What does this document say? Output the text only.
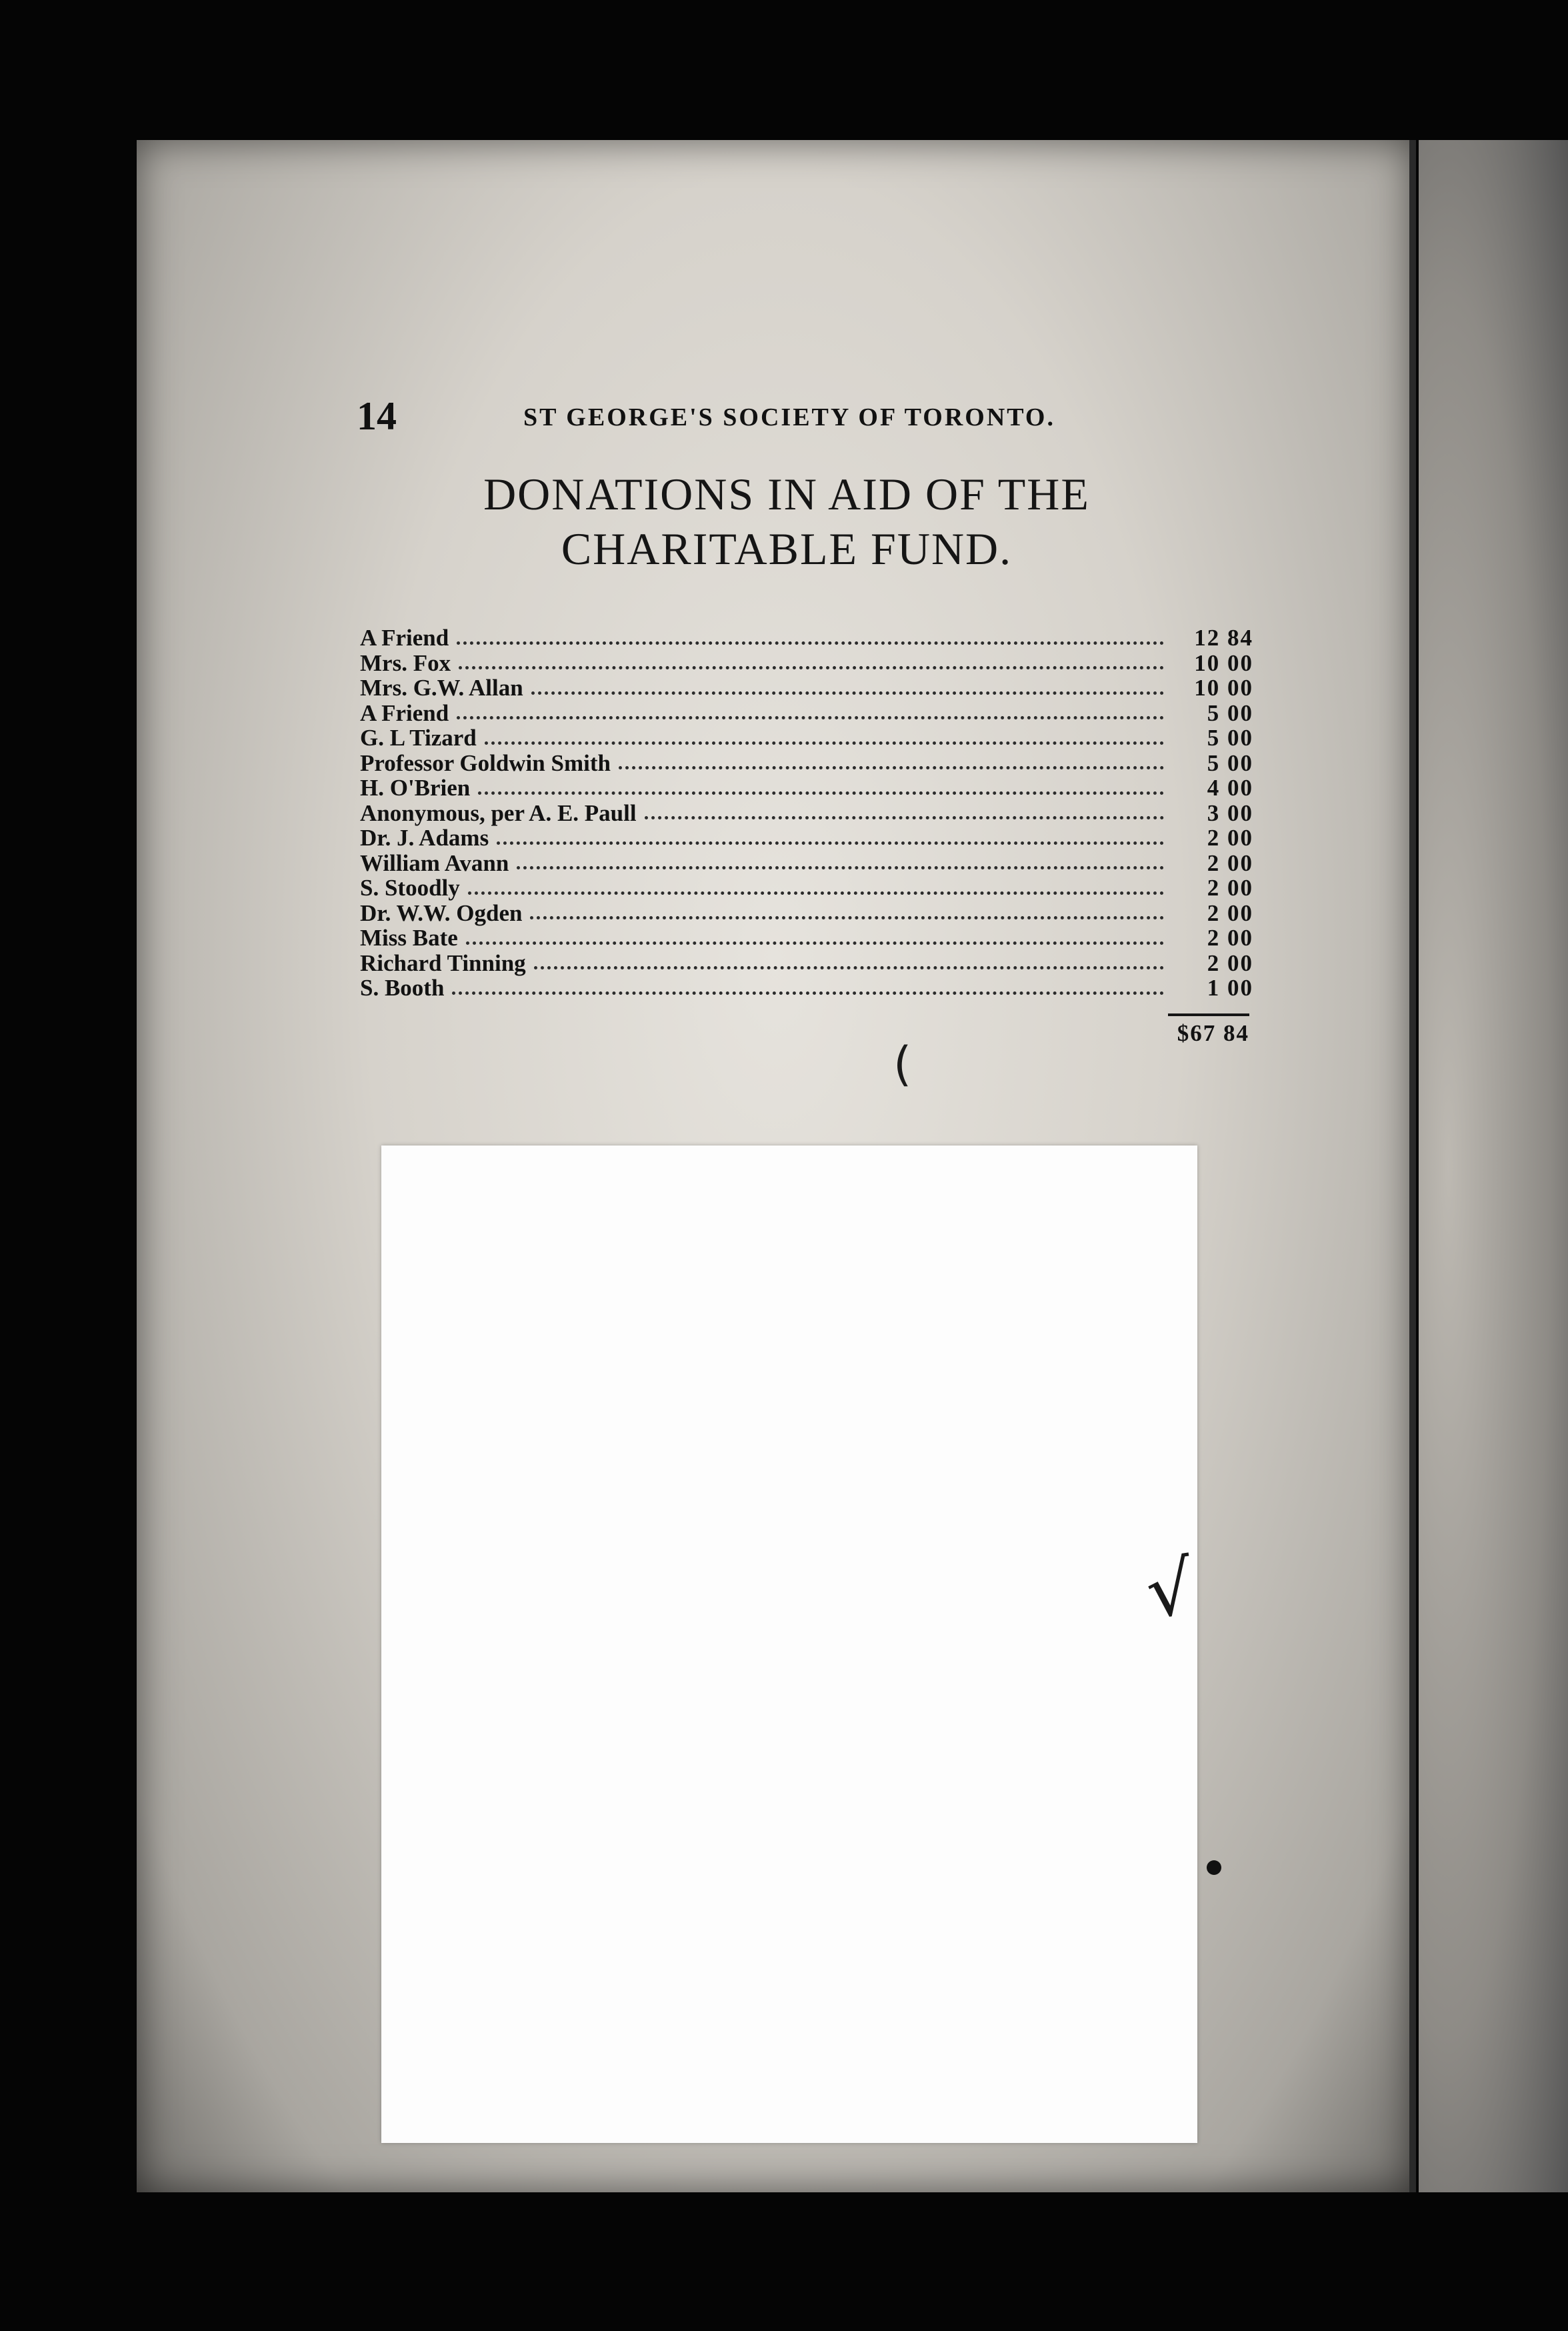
14	ST GEORGE'S SOCIETY OF TORONTO.
DONATIONS IN AID OF THE
CHARITABLE FUND.
A Friend	12 84
Mrs. Fox	10 00
Mrs. G.W. Allan	10 00
A Friend	5 00
G. L Tizard	5 00
Professor Goldwin Smith	5 00
H. O'Brien	4 00
Anonymous, per A. E. Paull	3 00
Dr. J. Adams	2 00
William Avann	2 00
S. Stoodly	2 00
Dr. W.W. Ogden	2 00
Miss Bate	2 00
Richard Tinning	2 00
S. Booth	1 00
$67 84
(
√
